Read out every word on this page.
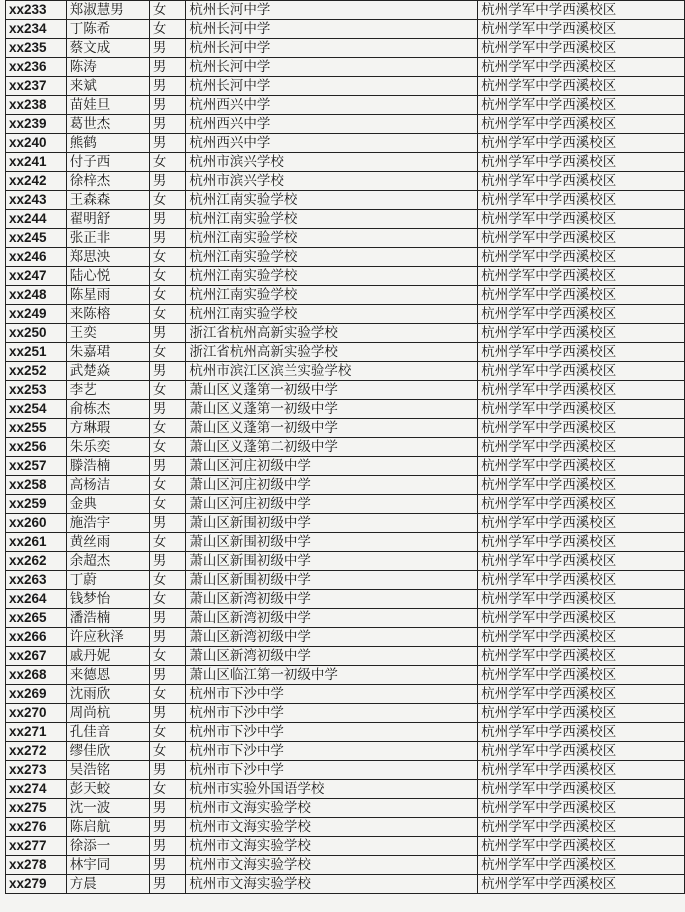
xx233	郑淑慧男	女	杭州长河中学	杭州学军中学西溪校区
xx234	丁陈希	女	杭州长河中学	杭州学军中学西溪校区
xx235	蔡文成	男	杭州长河中学	杭州学军中学西溪校区
xx236	陈涛	男	杭州长河中学	杭州学军中学西溪校区
xx237	来斌	男	杭州长河中学	杭州学军中学西溪校区
xx238	苗娃旦	男	杭州西兴中学	杭州学军中学西溪校区
xx239	葛世杰	男	杭州西兴中学	杭州学军中学西溪校区
xx240	熊鹤	男	杭州西兴中学	杭州学军中学西溪校区
xx241	付子西	女	杭州市滨兴学校	杭州学军中学西溪校区
xx242	徐梓杰	男	杭州市滨兴学校	杭州学军中学西溪校区
xx243	王森森	女	杭州江南实验学校	杭州学军中学西溪校区
xx244	翟明舒	男	杭州江南实验学校	杭州学军中学西溪校区
xx245	张正非	男	杭州江南实验学校	杭州学军中学西溪校区
xx246	郑思泱	女	杭州江南实验学校	杭州学军中学西溪校区
xx247	陆心悦	女	杭州江南实验学校	杭州学军中学西溪校区
xx248	陈星雨	女	杭州江南实验学校	杭州学军中学西溪校区
xx249	来陈榕	女	杭州江南实验学校	杭州学军中学西溪校区
xx250	王奕	男	浙江省杭州高新实验学校	杭州学军中学西溪校区
xx251	朱嘉珺	女	浙江省杭州高新实验学校	杭州学军中学西溪校区
xx252	武楚焱	男	杭州市滨江区滨兰实验学校	杭州学军中学西溪校区
xx253	李艺	女	萧山区义蓬第一初级中学	杭州学军中学西溪校区
xx254	俞栋杰	男	萧山区义蓬第一初级中学	杭州学军中学西溪校区
xx255	方琳瑕	女	萧山区义蓬第一初级中学	杭州学军中学西溪校区
xx256	朱乐奕	女	萧山区义蓬第二初级中学	杭州学军中学西溪校区
xx257	滕浩楠	男	萧山区河庄初级中学	杭州学军中学西溪校区
xx258	高杨洁	女	萧山区河庄初级中学	杭州学军中学西溪校区
xx259	金典	女	萧山区河庄初级中学	杭州学军中学西溪校区
xx260	施浩宇	男	萧山区新围初级中学	杭州学军中学西溪校区
xx261	黄丝雨	女	萧山区新围初级中学	杭州学军中学西溪校区
xx262	余超杰	男	萧山区新围初级中学	杭州学军中学西溪校区
xx263	丁蔚	女	萧山区新围初级中学	杭州学军中学西溪校区
xx264	钱梦怡	女	萧山区新湾初级中学	杭州学军中学西溪校区
xx265	潘浩楠	男	萧山区新湾初级中学	杭州学军中学西溪校区
xx266	许应秋泽	男	萧山区新湾初级中学	杭州学军中学西溪校区
xx267	戚丹妮	女	萧山区新湾初级中学	杭州学军中学西溪校区
xx268	来德恩	男	萧山区临江第一初级中学	杭州学军中学西溪校区
xx269	沈雨欣	女	杭州市下沙中学	杭州学军中学西溪校区
xx270	周尚杭	男	杭州市下沙中学	杭州学军中学西溪校区
xx271	孔佳音	女	杭州市下沙中学	杭州学军中学西溪校区
xx272	缪佳欣	女	杭州市下沙中学	杭州学军中学西溪校区
xx273	吴浩铭	男	杭州市下沙中学	杭州学军中学西溪校区
xx274	彭天蛟	女	杭州市实验外国语学校	杭州学军中学西溪校区
xx275	沈一波	男	杭州市文海实验学校	杭州学军中学西溪校区
xx276	陈启航	男	杭州市文海实验学校	杭州学军中学西溪校区
xx277	徐添一	男	杭州市文海实验学校	杭州学军中学西溪校区
xx278	林宇同	男	杭州市文海实验学校	杭州学军中学西溪校区
xx279	方晨	男	杭州市文海实验学校	杭州学军中学西溪校区
